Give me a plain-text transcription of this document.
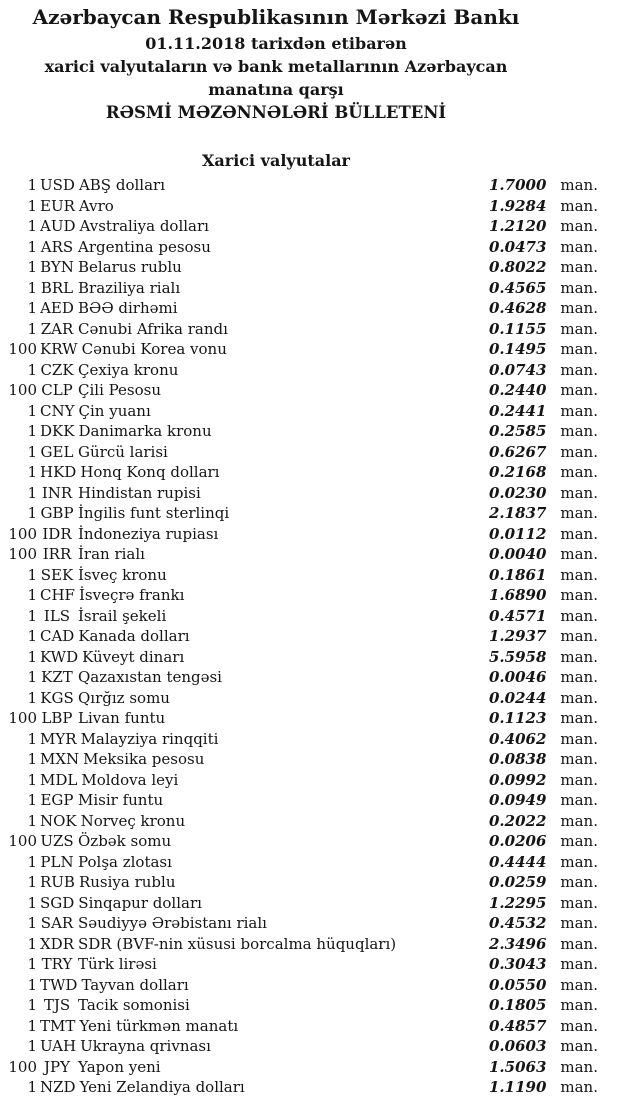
Azərbaycan Respublikasının Mərkəzi Bankı
01.11.2018 tarixdən etibarən
xarici valyutaların və bank metallarının Azərbaycan manatına qarşı
RƏSMİ MƏZƏNNƏLƏRİ BÜLLETENİ
Xarici valyutalar
1 USD ABŞ dolları	1.7000 man.
1 EUR Avro	1.9284 man.
1 AUD Avstraliya dolları	1.2120 man.
1 ARS Argentina pesosu	0.0473 man.
1 BYN Belarus rublu	0.8022 man.
1 BRL Braziliya rialı	0.4565 man.
1 AED BƏƏ dirhəmi	0.4628 man.
1 ZAR Cənubi Afrika randı	0.1155 man.
100 KRW Cənubi Korea vonu	0.1495 man.
1 CZK Çexiya kronu	0.0743 man.
100 CLP Çili Pesosu	0.2440 man.
1 CNY Çin yuanı	0.2441 man.
1 DKK Danimarka kronu	0.2585 man.
1 GEL Gürcü larisi	0.6267 man.
1 HKD Honq Konq dolları	0.2168 man.
1 INR Hindistan rupisi	0.0230 man.
1 GBP İngilis funt sterlinqi	2.1837 man.
100 IDR İndoneziya rupiası	0.0112 man.
100 IRR İran rialı	0.0040 man.
1 SEK İsveç kronu	0.1861 man.
1 CHF İsveçrə frankı	1.6890 man.
1 ILS İsrail şekeli	0.4571 man.
1 CAD Kanada dolları	1.2937 man.
1 KWD Küveyt dinarı	5.5958 man.
1 KZT Qazaxıstan tengəsi	0.0046 man.
1 KGS Qırğız somu	0.0244 man.
100 LBP Livan funtu	0.1123 man.
1 MYR Malayziya rinqqiti	0.4062 man.
1 MXN Meksika pesosu	0.0838 man.
1 MDL Moldova leyi	0.0992 man.
1 EGP Misir funtu	0.0949 man.
1 NOK Norveç kronu	0.2022 man.
100 UZS Özbək somu	0.0206 man.
1 PLN Polşa zlotası	0.4444 man.
1 RUB Rusiya rublu	0.0259 man.
1 SGD Sinqapur dolları	1.2295 man.
1 SAR Səudiyyə Ərəbistanı rialı	0.4532 man.
1 XDR SDR (BVF-nin xüsusi borcalma hüquqları)	2.3496 man.
1 TRY Türk lirəsi	0.3043 man.
1 TWD Tayvan dolları	0.0550 man.
1 TJS Tacik somonisi	0.1805 man.
1 TMT Yeni türkmən manatı	0.4857 man.
1 UAH Ukrayna qrivnası	0.0603 man.
100 JPY Yapon yeni	1.5063 man.
1 NZD Yeni Zelandiya dolları	1.1190 man.
